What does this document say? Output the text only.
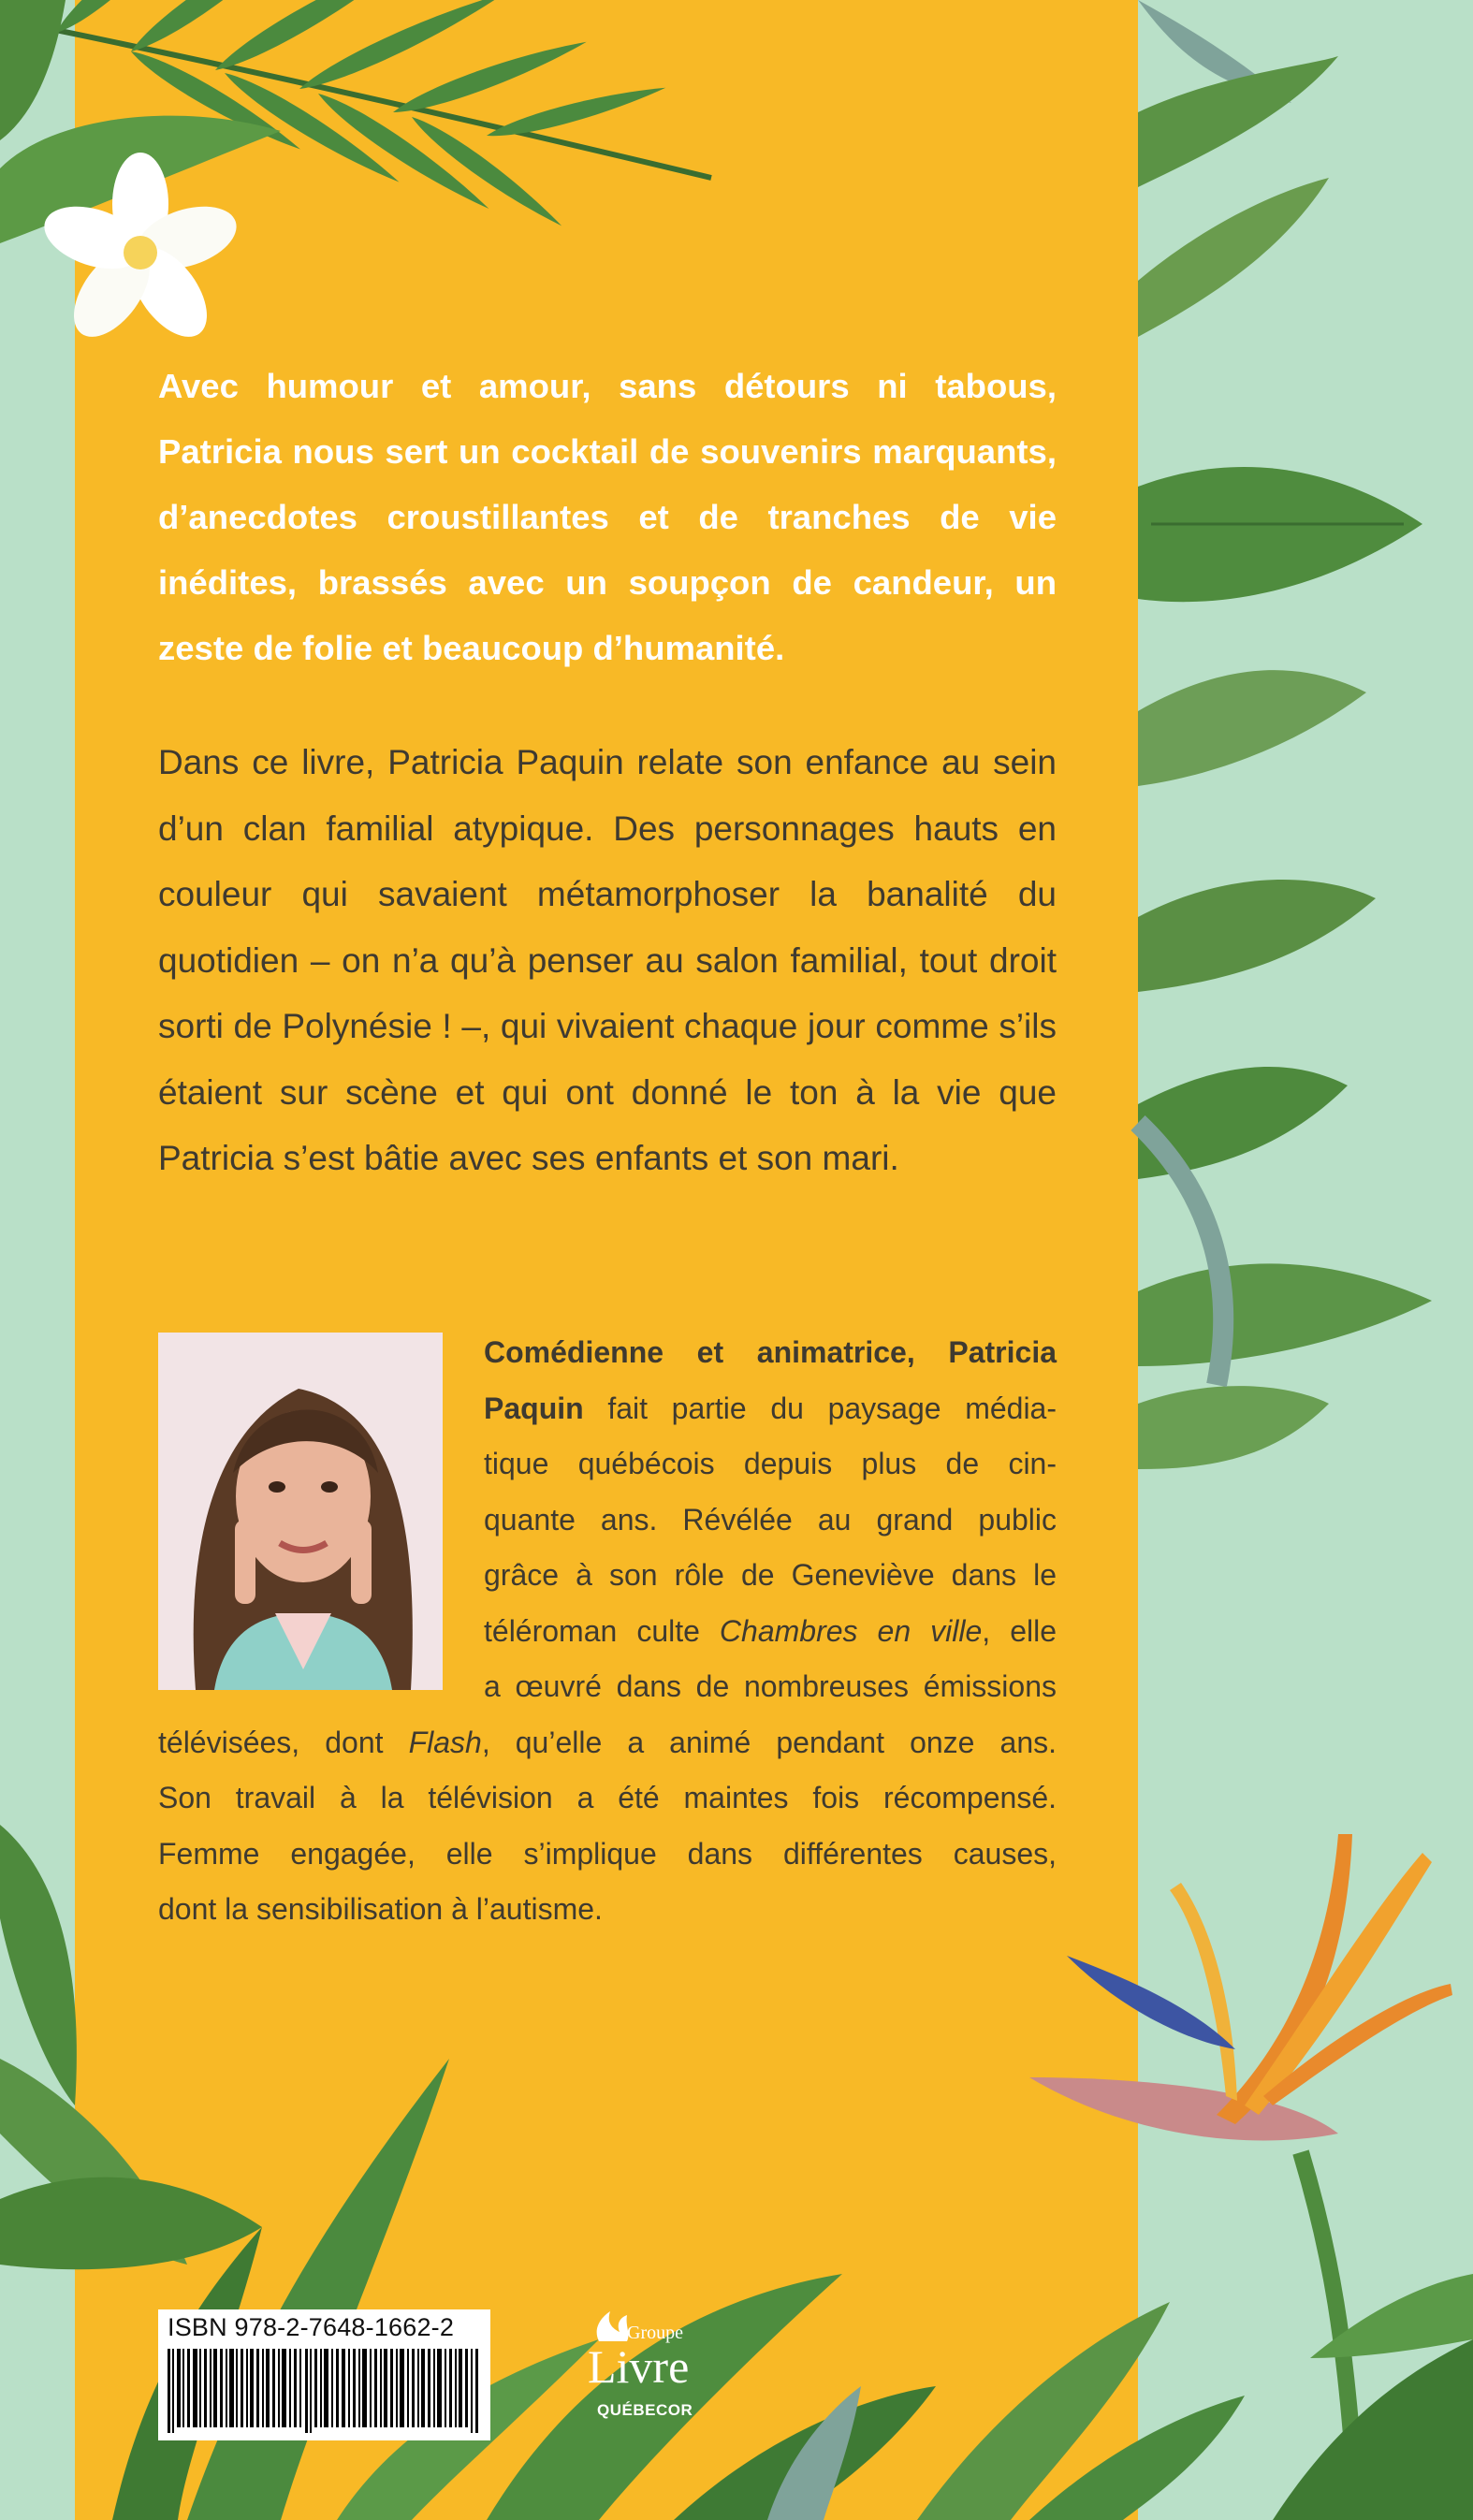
Avec humour et amour, sans détours ni tabous, Patricia nous sert un cocktail de souvenirs marquants, d’anecdotes croustillantes et de tranches de vie inédites, brassés avec un soupçon de candeur, un zeste de folie et beaucoup d’humanité.
Dans ce livre, Patricia Paquin relate son enfance au sein d’un clan familial atypique. Des personnages hauts en couleur qui savaient métamorphoser la banalité du quotidien – on n’a qu’à penser au salon familial, tout droit sorti de Polynésie ! –, qui vivaient chaque jour comme s’ils étaient sur scène et qui ont donné le ton à la vie que Patricia s’est bâtie avec ses enfants et son mari.
Comédienne et animatrice, Patricia
Paquin fait partie du paysage média-
tique québécois depuis plus de cin-
quante ans. Révélée au grand public
grâce à son rôle de Geneviève dans le
téléroman culte Chambres en ville, elle
a œuvré dans de nombreuses émissions
télévisées, dont Flash, qu’elle a animé pendant onze ans.
Son travail à la télévision a été maintes fois récompensé.
Femme engagée, elle s’implique dans différentes causes,
dont la sensibilisation à l’autisme.
ISBN 978-2-7648-1662-2	Groupe
Livre
QUÉBECOR
